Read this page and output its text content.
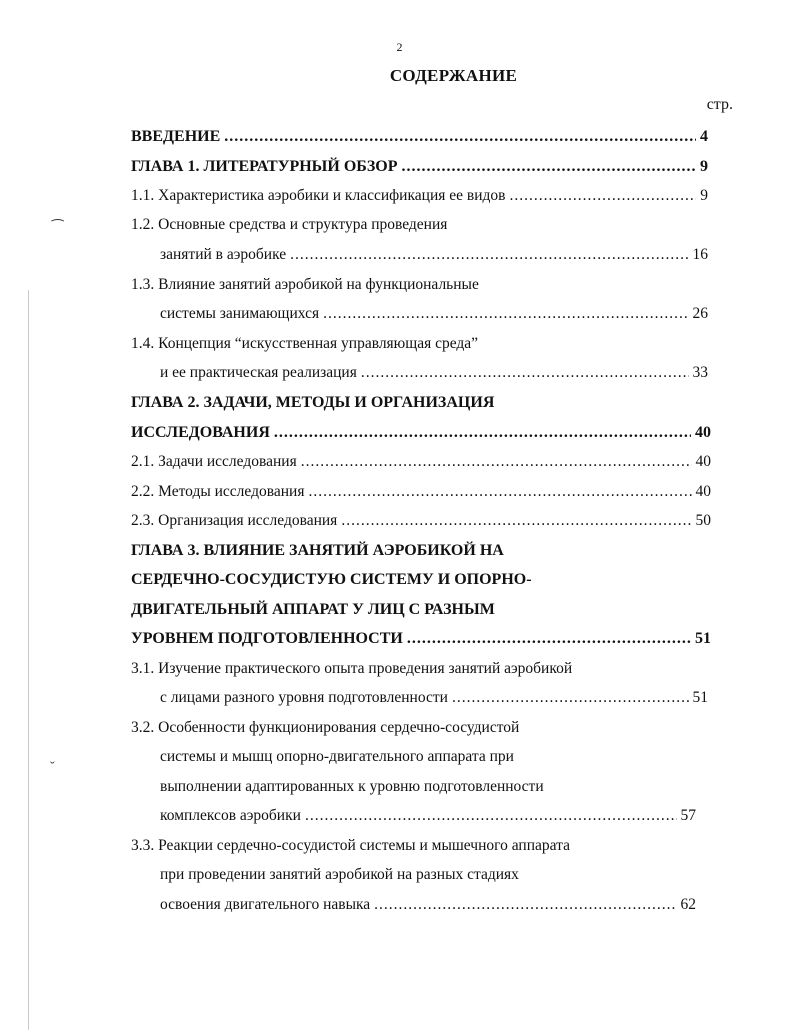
⁀
ˇ
2
СОДЕРЖАНИЕ
стр.
ВВЕДЕНИЕ .....	4
ГЛАВА 1. ЛИТЕРАТУРНЫЙ ОБЗОР .....	9
1.1. Характеристика аэробики и классификация ее видов .....	9
1.2. Основные средства и структура проведения
занятий в аэробике .....	16
1.3. Влияние занятий аэробикой на функциональные
системы занимающихся .....	26
1.4. Концепция “искусственная управляющая среда”
и ее практическая реализация .....	33
ГЛАВА 2. ЗАДАЧИ, МЕТОДЫ И ОРГАНИЗАЦИЯ
ИССЛЕДОВАНИЯ .....	40
2.1. Задачи исследования .....	40
2.2. Методы исследования .....	40
2.3. Организация исследования .....	50
ГЛАВА 3. ВЛИЯНИЕ ЗАНЯТИЙ АЭРОБИКОЙ НА
СЕРДЕЧНО-СОСУДИСТУЮ СИСТЕМУ И ОПОРНО-
ДВИГАТЕЛЬНЫЙ АППАРАТ У ЛИЦ С РАЗНЫМ
УРОВНЕМ ПОДГОТОВЛЕННОСТИ .....	51
3.1. Изучение практического опыта проведения занятий аэробикой
с лицами разного уровня подготовленности .....	51
3.2. Особенности функционирования сердечно-сосудистой
системы и мышц опорно-двигательного аппарата при
выполнении адаптированных к уровню подготовленности
комплексов аэробики .....	57
3.3. Реакции сердечно-сосудистой системы и мышечного аппарата
при проведении занятий аэробикой на разных стадиях
освоения двигательного навыка .....	62
